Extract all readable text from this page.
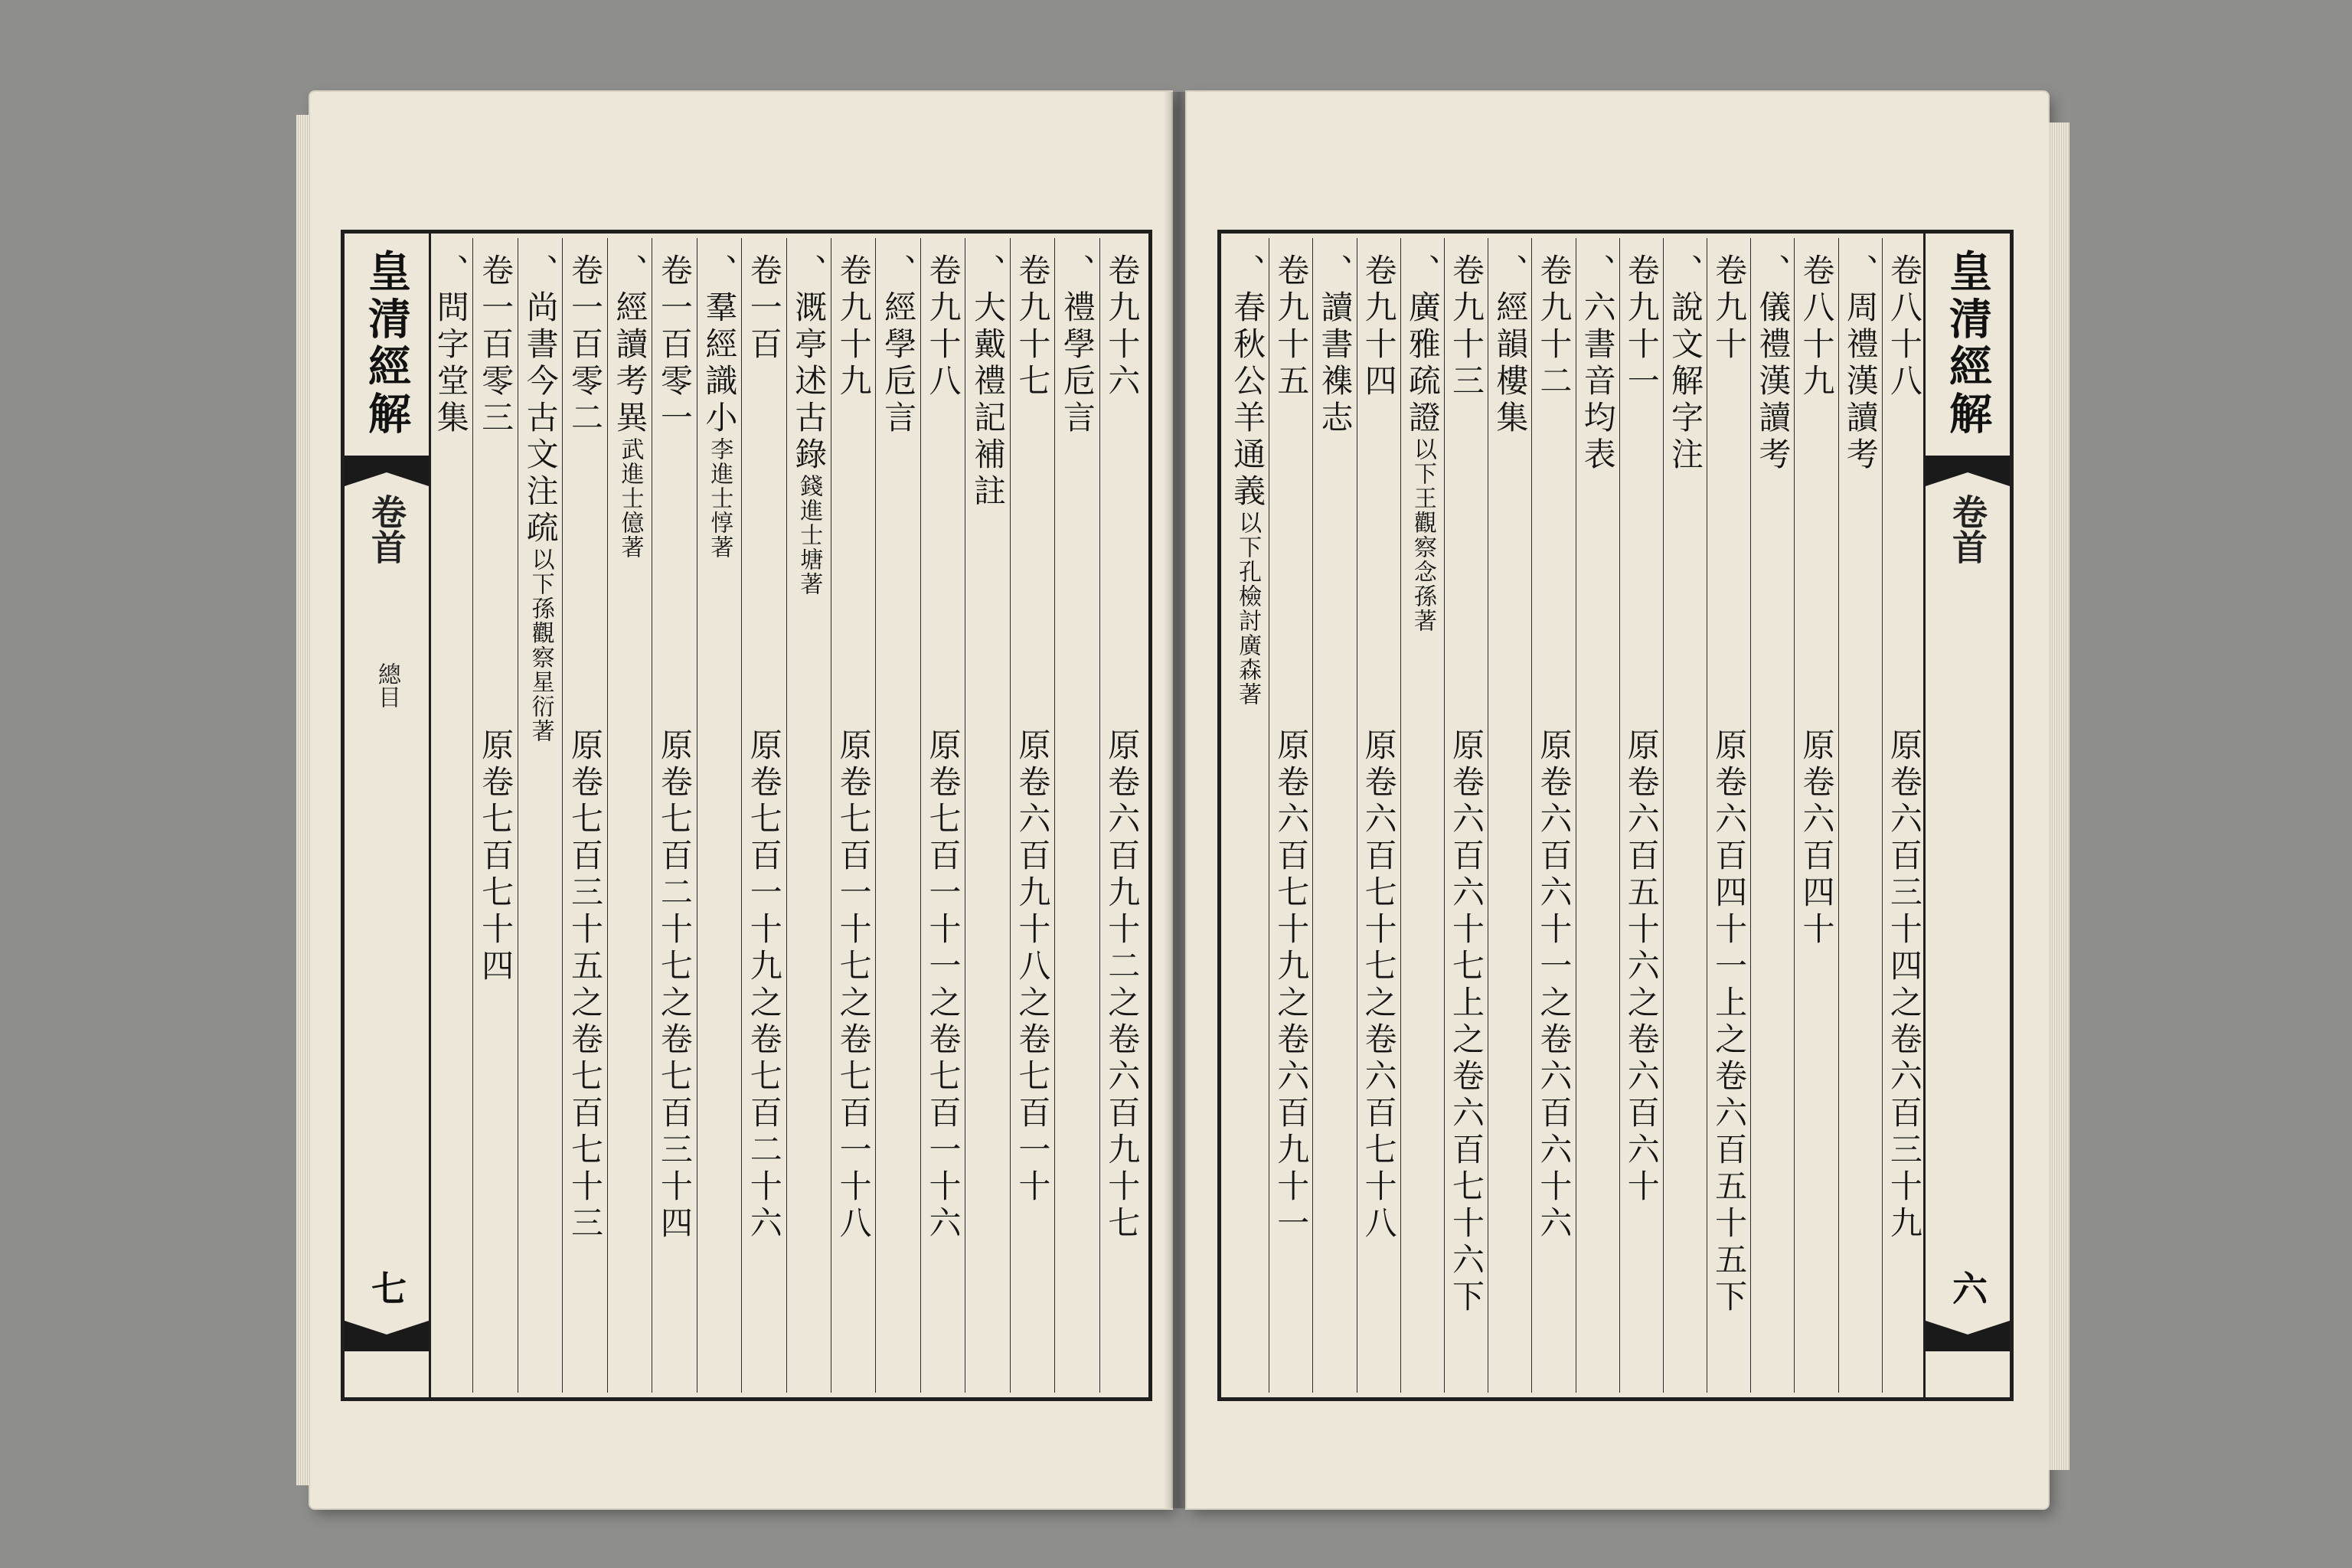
皇清經解
卷首
總目
七
卷九十六
原卷六百九十二之卷六百九十七
、禮學卮言
卷九十七
原卷六百九十八之卷七百一十
、大戴禮記補註
卷九十八
原卷七百一十一之卷七百一十六
、經學卮言
卷九十九
原卷七百一十七之卷七百一十八
、溉亭述古錄錢進士塘著
卷一百
原卷七百一十九之卷七百二十六
、羣經識小李進士惇著
卷一百零一
原卷七百二十七之卷七百三十四
、經讀考異武進士億著
卷一百零二
原卷七百三十五之卷七百七十三
、尚書今古文注疏以下孫觀察星衍著
卷一百零三
原卷七百七十四
、問字堂集	皇清經解
卷首
六
卷八十八
原卷六百三十四之卷六百三十九
、周禮漢讀考
卷八十九
原卷六百四十
、儀禮漢讀考
卷九十
原卷六百四十一上之卷六百五十五下
、說文解字注
卷九十一
原卷六百五十六之卷六百六十
、六書音均表
卷九十二
原卷六百六十一之卷六百六十六
、經韻樓集
卷九十三
原卷六百六十七上之卷六百七十六下
、廣雅疏證以下王觀察念孫著
卷九十四
原卷六百七十七之卷六百七十八
、讀書襍志
卷九十五
原卷六百七十九之卷六百九十一
、春秋公羊通義以下孔檢討廣森著
